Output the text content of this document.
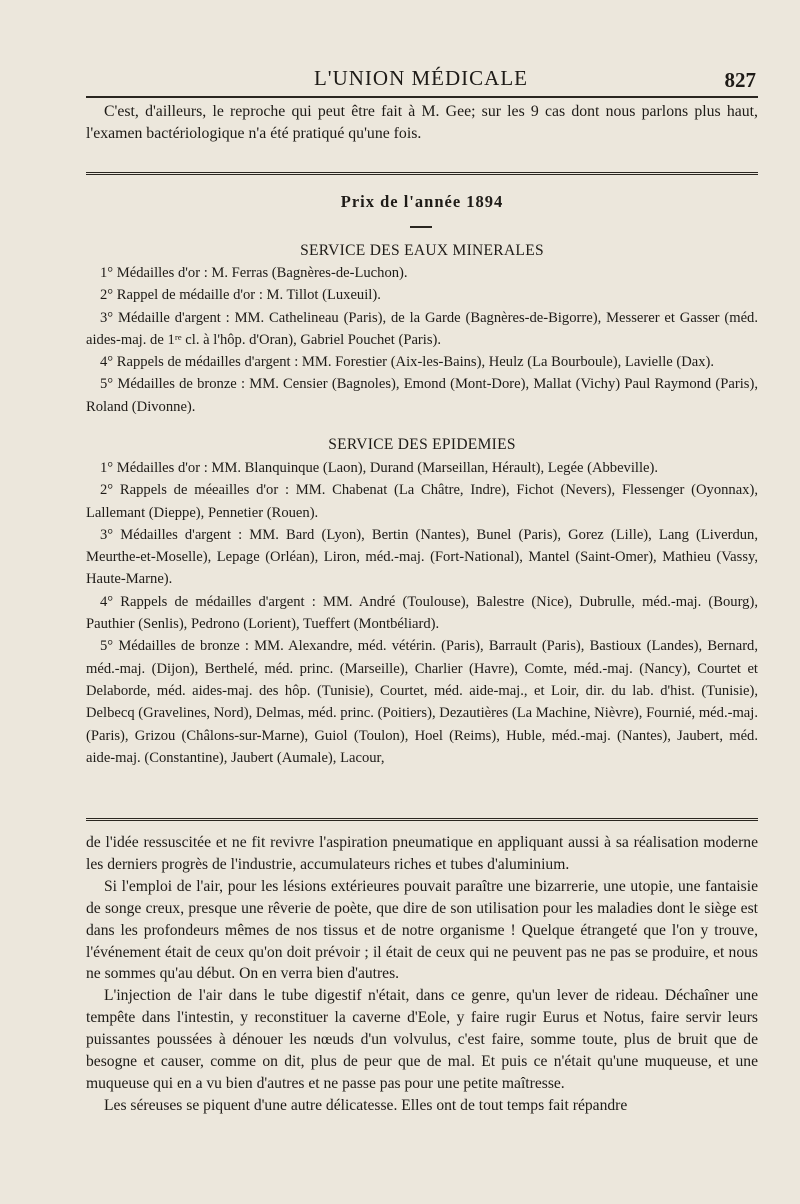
L'UNION MÉDICALE	827
C'est, d'ailleurs, le reproche qui peut être fait à M. Gee; sur les 9 cas dont nous parlons plus haut, l'examen bactériologique n'a été pratiqué qu'une fois.
Prix de l'année 1894
SERVICE DES EAUX MINERALES

1° Médailles d'or : M. Ferras (Bagnères-de-Luchon).

2° Rappel de médaille d'or : M. Tillot (Luxeuil).

3° Médaille d'argent : MM. Cathelineau (Paris), de la Garde (Bagnères-de-Bigorre), Messerer et Gasser (méd. aides-maj. de 1ʳᵉ cl. à l'hôp. d'Oran), Gabriel Pouchet (Paris).

4° Rappels de médailles d'argent : MM. Forestier (Aix-les-Bains), Heulz (La Bourboule), Lavielle (Dax).

5° Médailles de bronze : MM. Censier (Bagnoles), Emond (Mont-Dore), Mallat (Vichy) Paul Raymond (Paris), Roland (Divonne).

SERVICE DES EPIDEMIES

1° Médailles d'or : MM. Blanquinque (Laon), Durand (Marseillan, Hérault), Legée (Abbeville).

2° Rappels de méeailles d'or : MM. Chabenat (La Châtre, Indre), Fichot (Nevers), Flessenger (Oyonnax), Lallemant (Dieppe), Pennetier (Rouen).

3° Médailles d'argent : MM. Bard (Lyon), Bertin (Nantes), Bunel (Paris), Gorez (Lille), Lang (Liverdun, Meurthe-et-Moselle), Lepage (Orléan), Liron, méd.-maj. (Fort-National), Mantel (Saint-Omer), Mathieu (Vassy, Haute-Marne).

4° Rappels de médailles d'argent : MM. André (Toulouse), Balestre (Nice), Dubrulle, méd.-maj. (Bourg), Pauthier (Senlis), Pedrono (Lorient), Tueffert (Montbéliard).

5° Médailles de bronze : MM. Alexandre, méd. vétérin. (Paris), Barrault (Paris), Bastioux (Landes), Bernard, méd.-maj. (Dijon), Berthelé, méd. princ. (Marseille), Charlier (Havre), Comte, méd.-maj. (Nancy), Courtet et Delaborde, méd. aides-maj. des hôp. (Tunisie), Courtet, méd. aide-maj., et Loir, dir. du lab. d'hist. (Tunisie), Delbecq (Gravelines, Nord), Delmas, méd. princ. (Poitiers), Dezautières (La Machine, Nièvre), Fournié, méd.-maj. (Paris), Grizou (Châlons-sur-Marne), Guiol (Toulon), Hoel (Reims), Huble, méd.-maj. (Nantes), Jaubert, méd. aide-maj. (Constantine), Jaubert (Aumale), Lacour,

de l'idée ressuscitée et ne fit revivre l'aspiration pneumatique en appliquant aussi à sa réalisation moderne les derniers progrès de l'industrie, accumulateurs riches et tubes d'aluminium.

Si l'emploi de l'air, pour les lésions extérieures pouvait paraître une bizarrerie, une utopie, une fantaisie de songe creux, presque une rêverie de poète, que dire de son utilisation pour les maladies dont le siège est dans les profondeurs mêmes de nos tissus et de notre organisme ! Quelque étrangeté que l'on y trouve, l'événement était de ceux qu'on doit prévoir ; il était de ceux qui ne peuvent pas ne pas se produire, et nous ne sommes qu'au début. On en verra bien d'autres.

L'injection de l'air dans le tube digestif n'était, dans ce genre, qu'un lever de rideau. Déchaîner une tempête dans l'intestin, y reconstituer la caverne d'Eole, y faire rugir Eurus et Notus, faire servir leurs puissantes poussées à dénouer les nœuds d'un volvulus, c'est faire, somme toute, plus de bruit que de besogne et causer, comme on dit, plus de peur que de mal. Et puis ce n'était qu'une muqueuse, et une muqueuse qui en a vu bien d'autres et ne passe pas pour une petite maîtresse.

Les séreuses se piquent d'une autre délicatesse. Elles ont de tout temps fait répandre
